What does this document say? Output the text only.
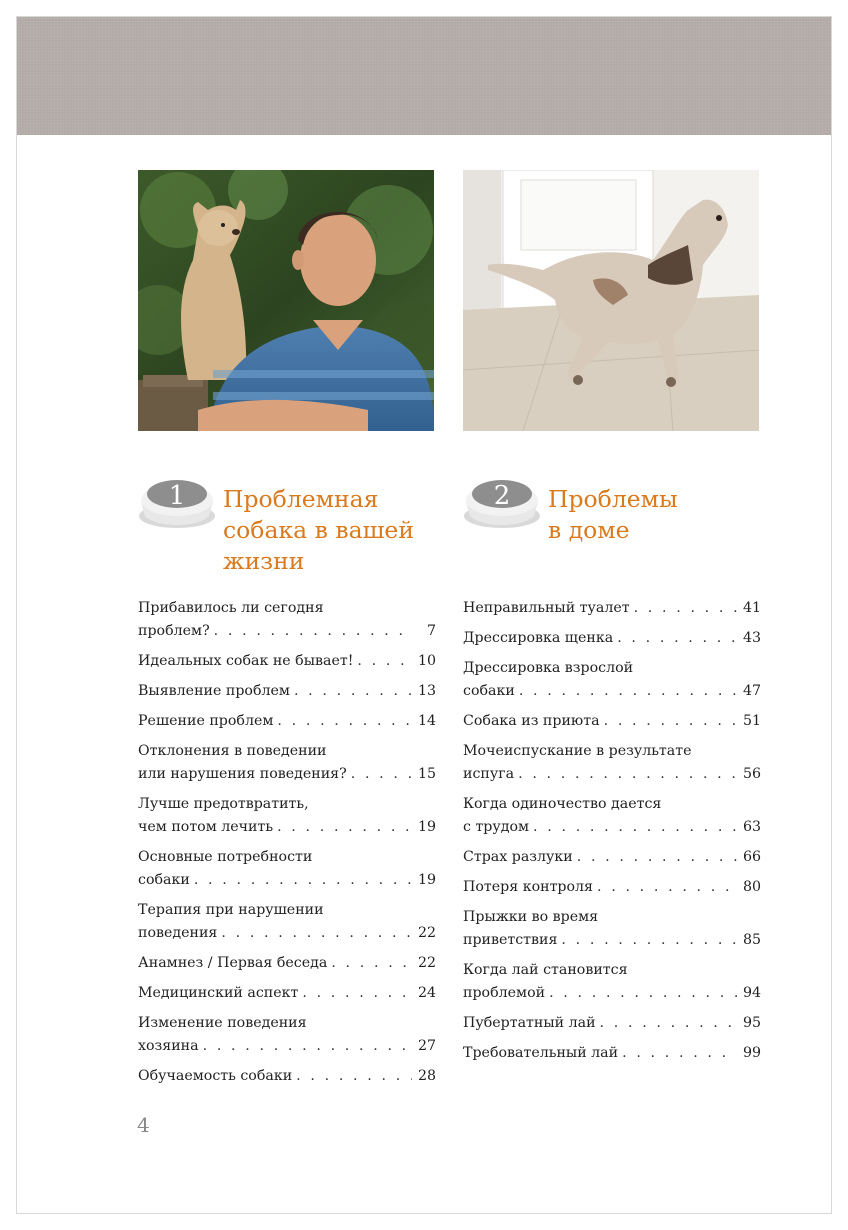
1 Проблемная
собака в вашей
жизни
2 Проблемы
в доме
Прибавилось ли сегодня
проблем? . . .	7
Идеальных собак не бывает! . . .	10
Выявление проблем . . .	13
Решение проблем . . .	14
Отклонения в поведении
или нарушения поведения? . . .	15
Лучше предотвратить,
чем потом лечить . . .	19
Основные потребности
собаки . . .	19
Терапия при нарушении
поведения . . .	22
Анамнез / Первая беседа . . .	22
Медицинский аспект . . .	24
Изменение поведения
хозяина . . .	27
Обучаемость собаки . . .	28
Неправильный туалет . . .	41
Дрессировка щенка . . .	43
Дрессировка взрослой
собаки . . .	47
Собака из приюта . . .	51
Мочеиспускание в результате
испуга . . .	56
Когда одиночество дается
с трудом . . .	63
Страх разлуки . . .	66
Потеря контроля . . .	80
Прыжки во время
приветствия . . .	85
Когда лай становится
проблемой . . .	94
Пубертатный лай . . .	95
Требовательный лай . . .	99
4
